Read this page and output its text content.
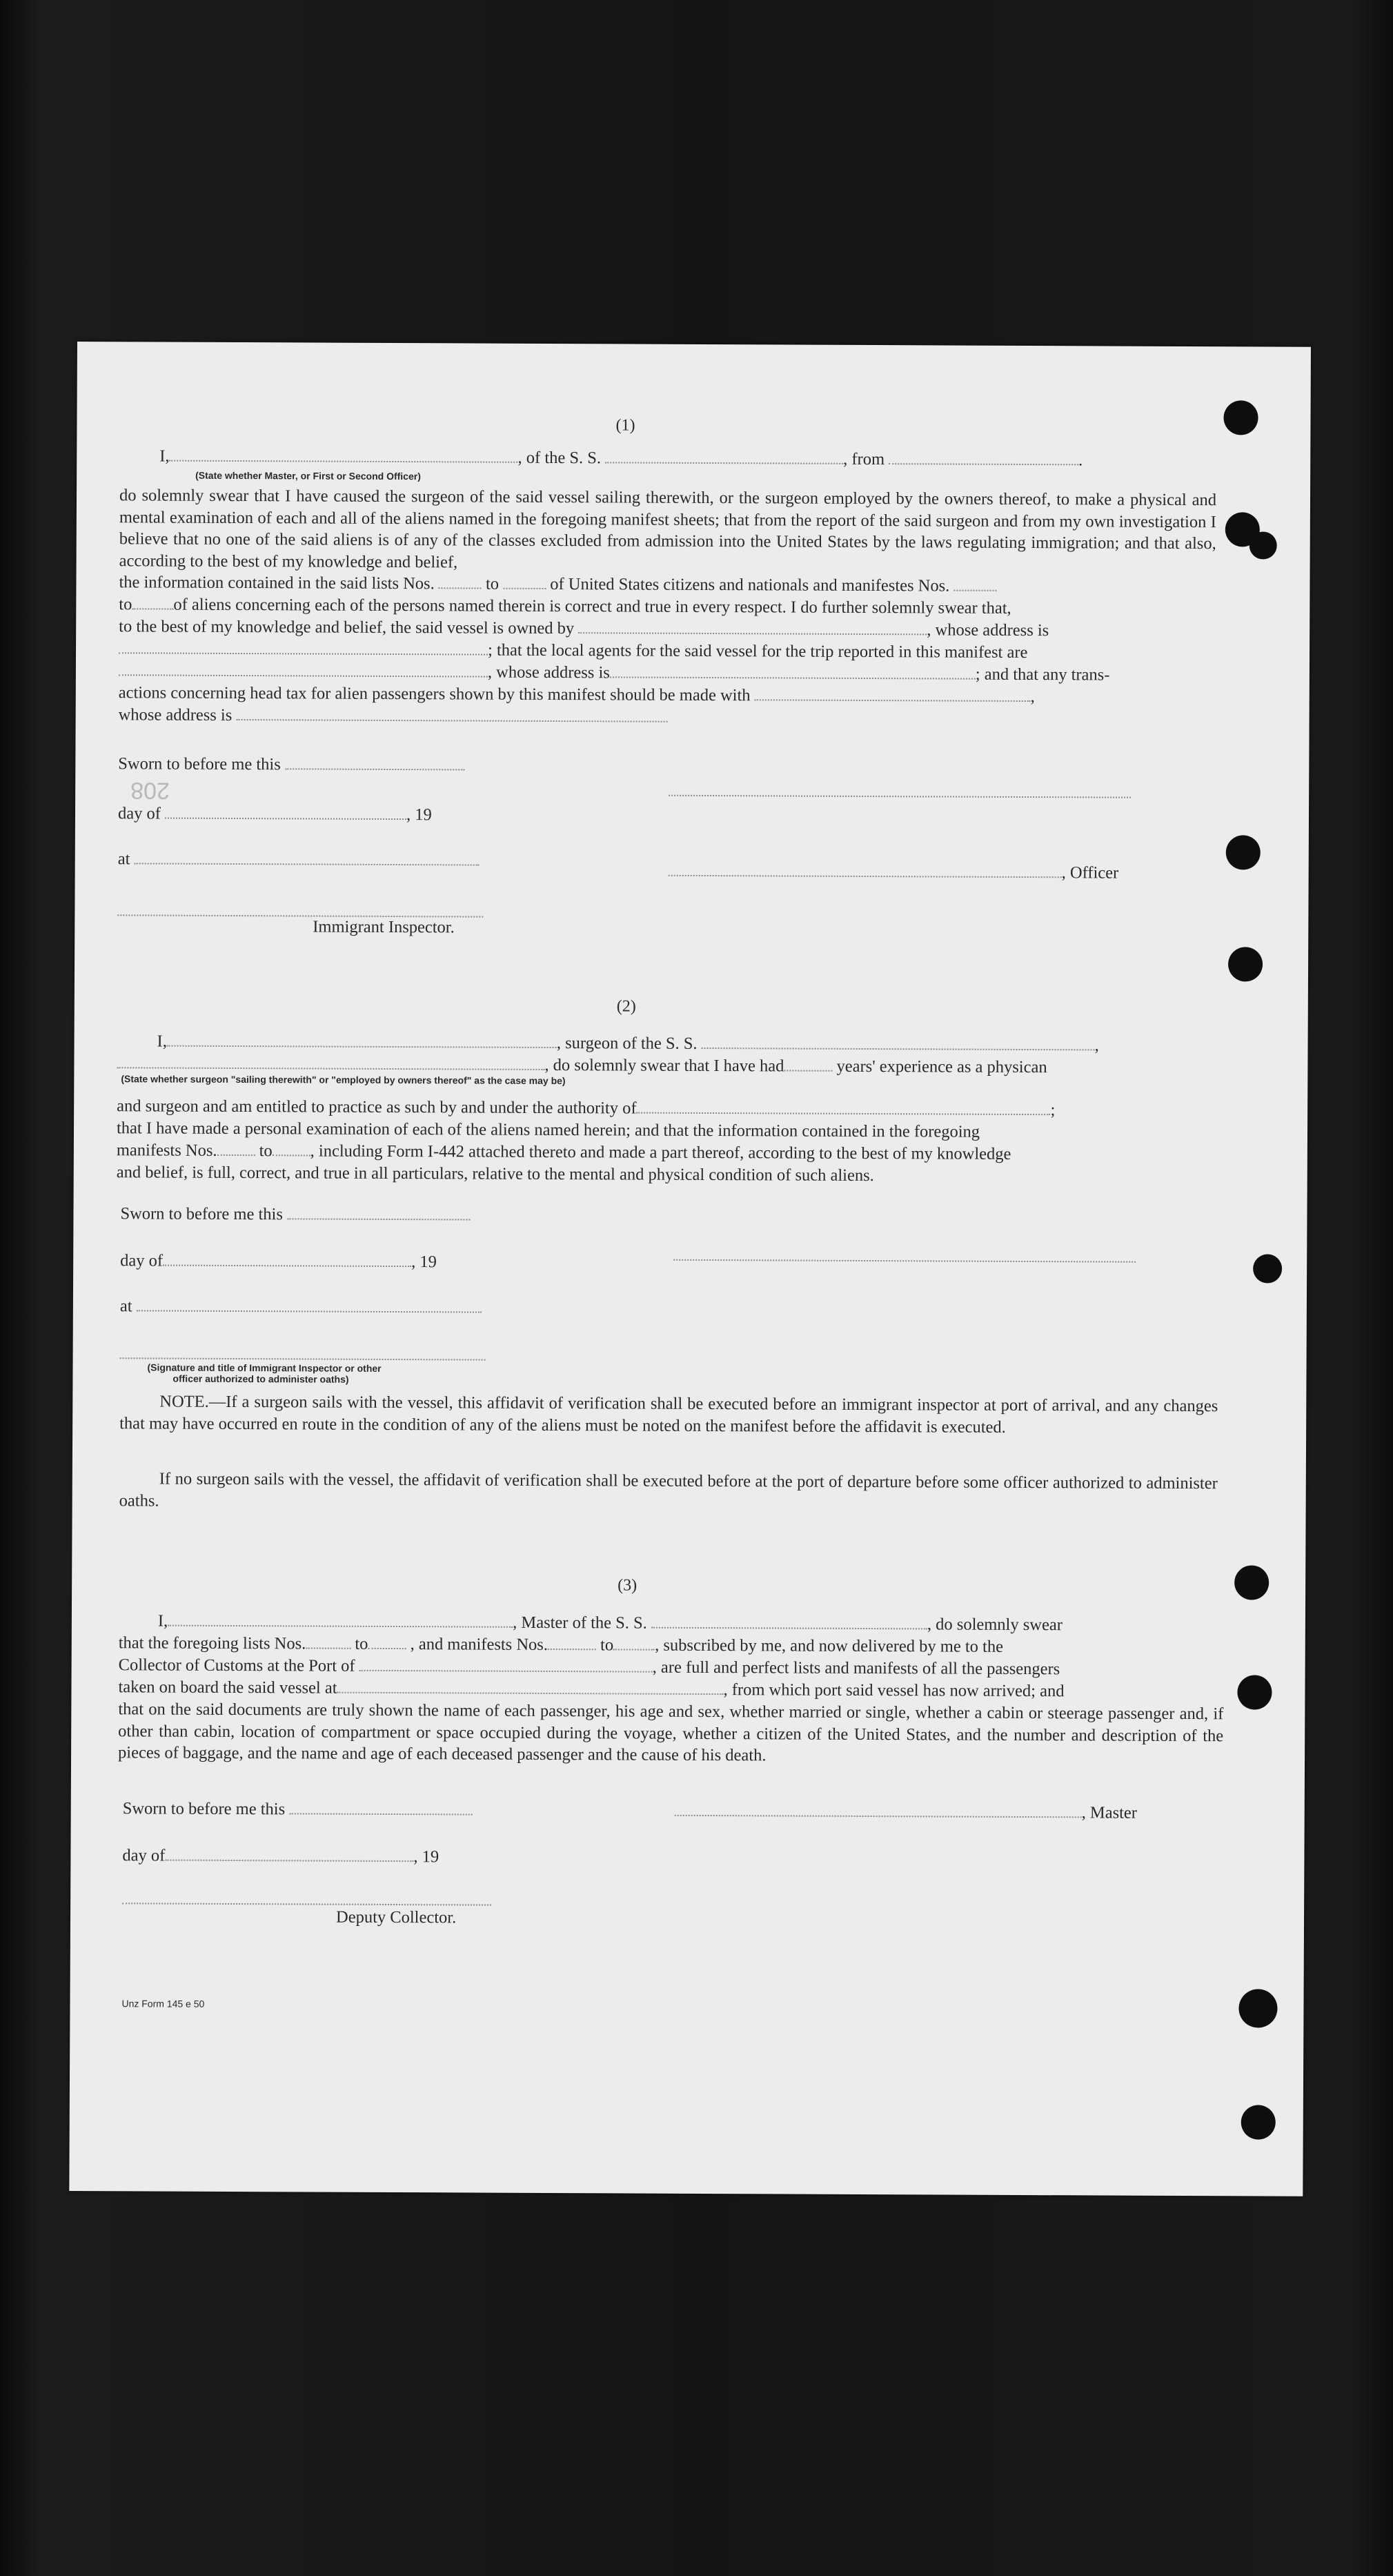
(1)
I,	, of the S. S.	, from	.
(State whether Master, or First or Second Officer)
do solemnly swear that I have caused the surgeon of the said vessel sailing therewith, or the surgeon employed by the owners thereof, to make a physical and mental examination of each and all of the aliens named in the foregoing manifest sheets; that from the report of the said surgeon and from my own investigation I believe that no one of the said aliens is of any of the classes excluded from admission into the United States by the laws regulating immigration; and that also, according to the best of my knowledge and belief,
the information contained in the said lists Nos.	to	of United States citizens and nationals and manifestes Nos.
to of aliens concerning each of the persons named therein is correct and true in every respect. I do further solemnly swear that,
to the best of my knowledge and belief, the said vessel is owned by	, whose address is
; that the local agents for the said vessel for the trip reported in this manifest are
, whose address is	; and that any trans-
actions concerning head tax for alien passengers shown by this manifest should be made with	,
whose address is
Sworn to before me this
208
day of	, 19
at
, Officer
Immigrant Inspector.
(2)
I,	, surgeon of the S. S.	,
, do solemnly swear that I have had	years' experience as a physican
(State whether surgeon "sailing therewith" or "employed by owners thereof" as the case may be)
and surgeon and am entitled to practice as such by and under the authority of	;
that I have made a personal examination of each of the aliens named herein; and that the information contained in the foregoing
manifests Nos. to , including Form I-442 attached thereto and made a part thereof, according to the best of my knowledge
and belief, is full, correct, and true in all particulars, relative to the mental and physical condition of such aliens.
Sworn to before me this
day of	, 19
at
(Signature and title of Immigrant Inspector or other
officer authorized to administer oaths)
NOTE.—If a surgeon sails with the vessel, this affidavit of verification shall be executed before an immigrant inspector at port of arrival, and any changes that may have occurred en route in the condition of any of the aliens must be noted on the manifest before the affidavit is executed.
If no surgeon sails with the vessel, the affidavit of verification shall be executed before at the port of departure before some officer authorized to administer oaths.
(3)
I,	, Master of the S. S.	, do solemnly swear
that the foregoing lists Nos.	to , and manifests Nos.	to , subscribed by me, and now delivered by me to the
Collector of Customs at the Port of	, are full and perfect lists and manifests of all the passengers
taken on board the said vessel at	, from which port said vessel has now arrived; and
that on the said documents are truly shown the name of each passenger, his age and sex, whether married or single, whether a cabin or steerage passenger and, if other than cabin, location of compartment or space occupied during the voyage, whether a citizen of the United States, and the number and description of the pieces of baggage, and the name and age of each deceased passenger and the cause of his death.
Sworn to before me this	, Master
day of	, 19
Deputy Collector.
Unz Form 145 e 50
